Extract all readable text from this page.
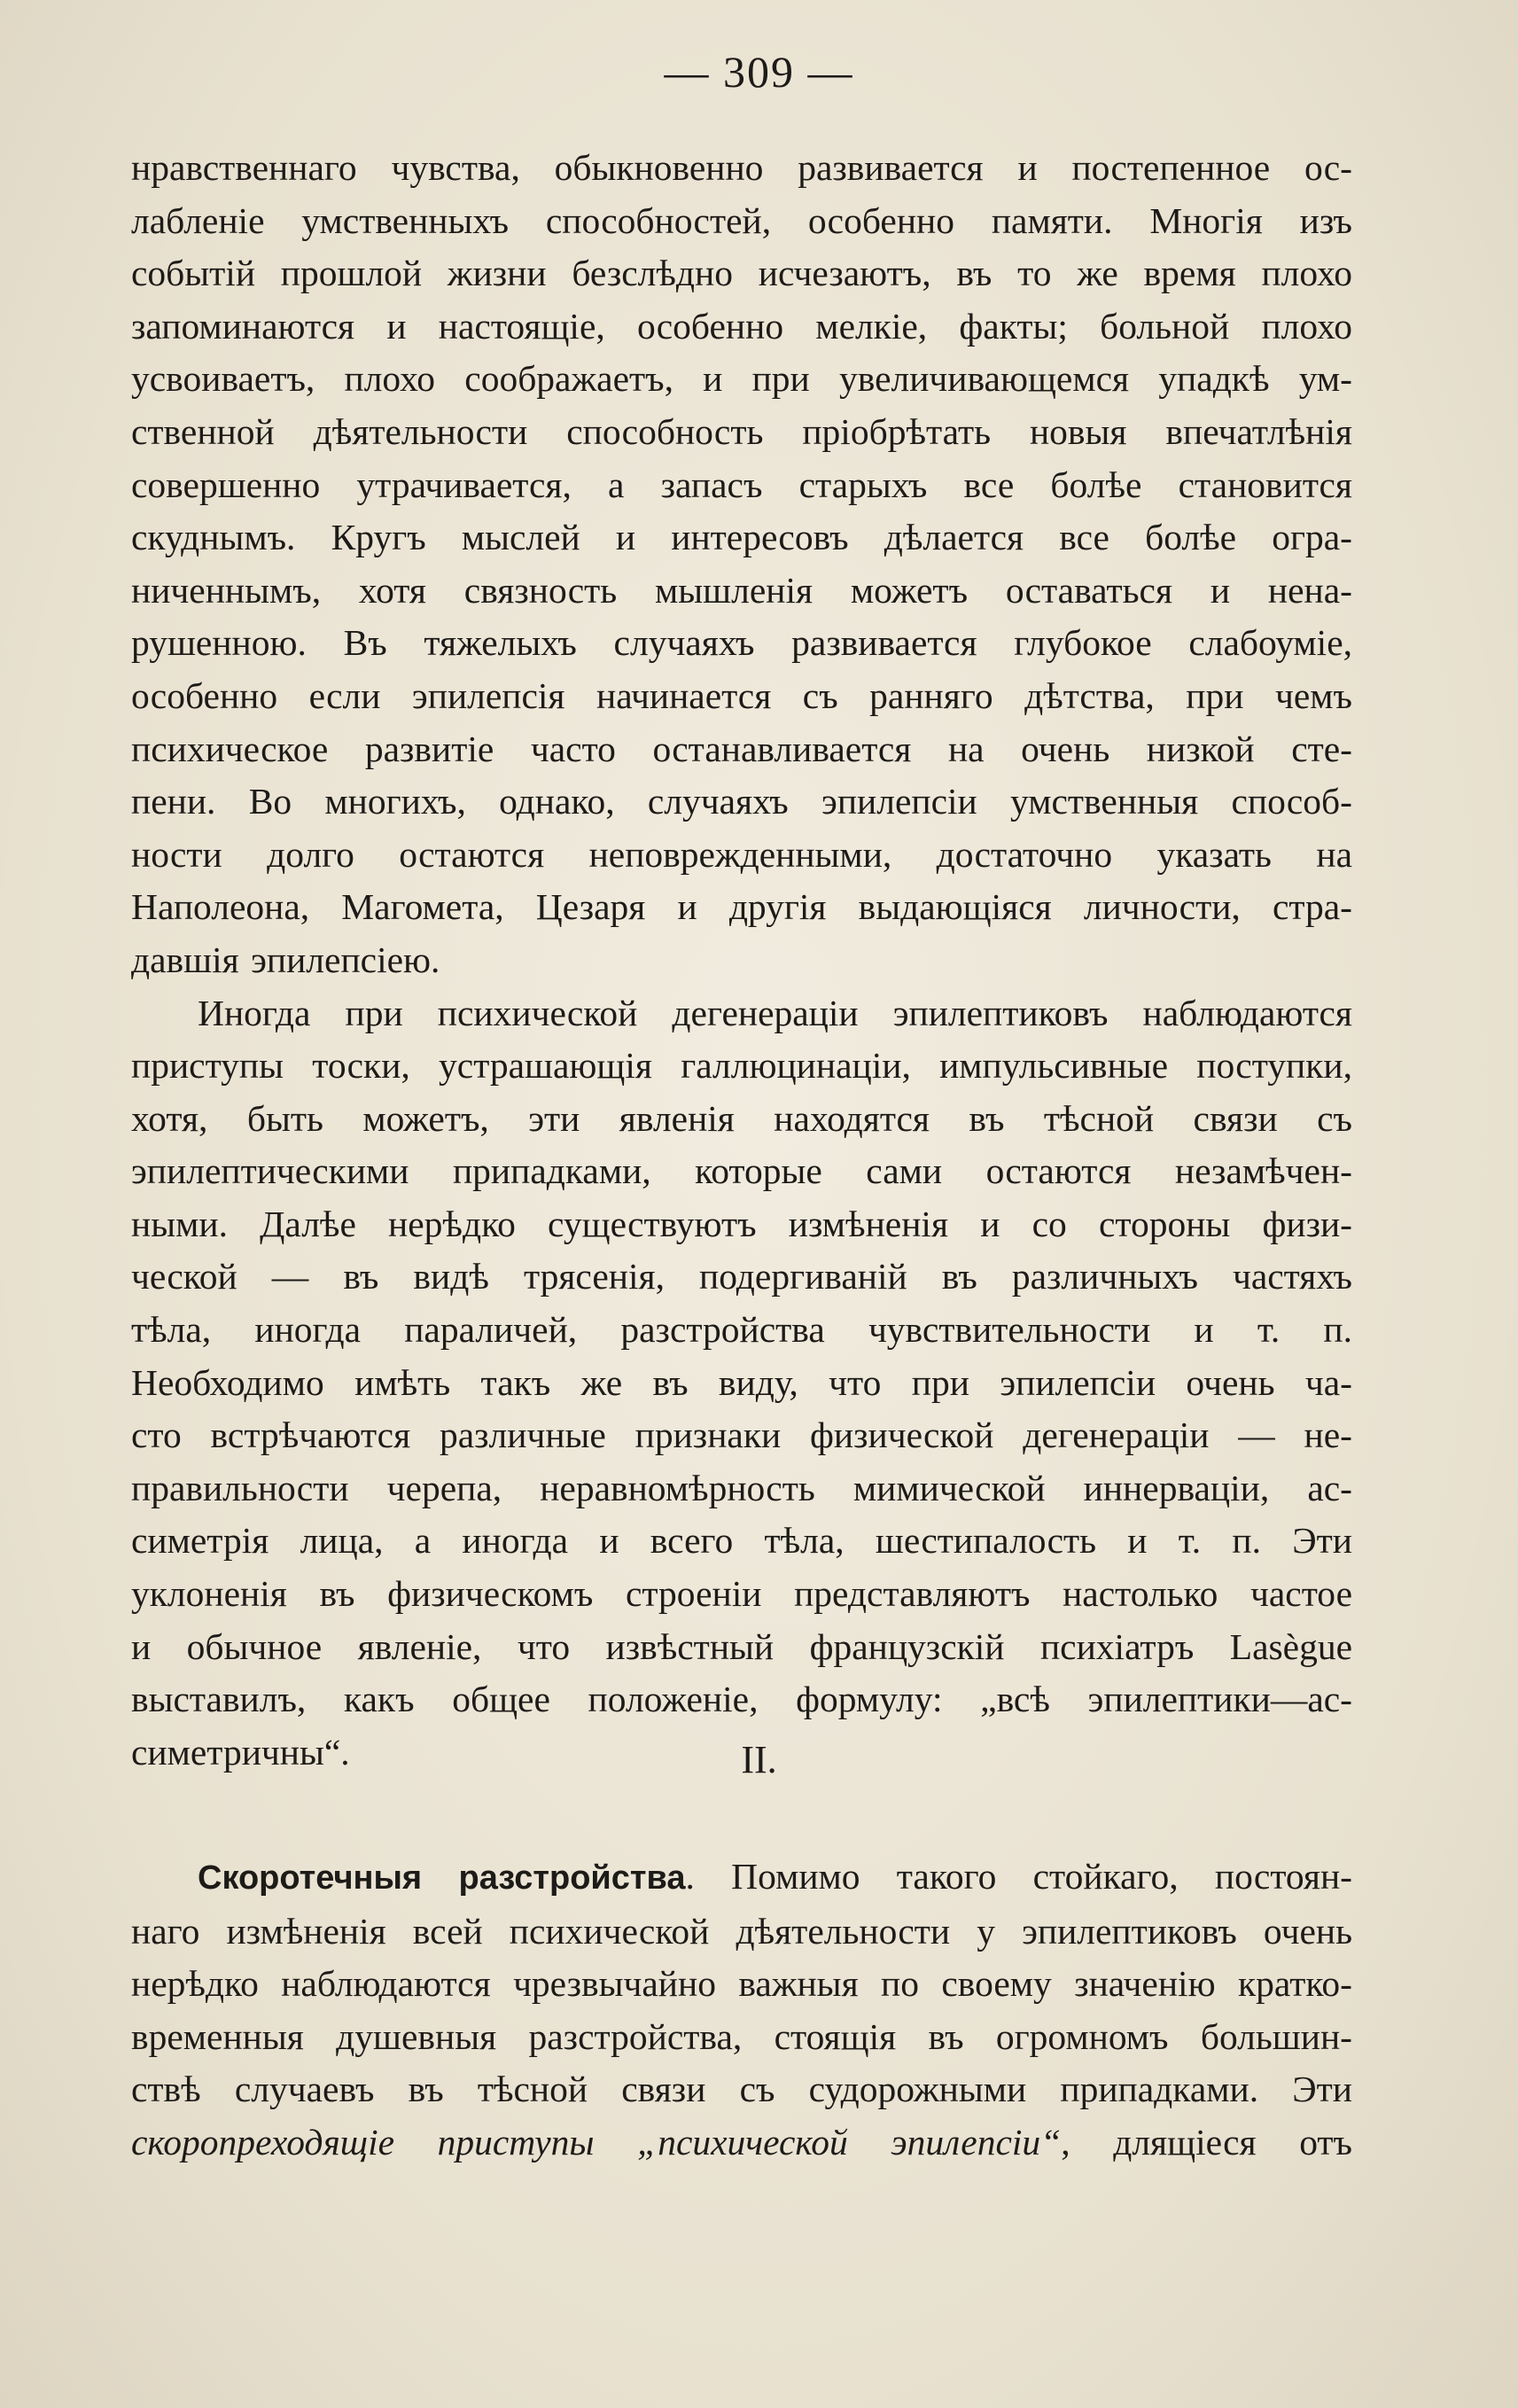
— 309 —
нравственнаго чувства, обыкновенно развивается и постепенное ос-
лабленіе умственныхъ способностей, особенно памяти. Многія изъ
событій прошлой жизни безслѣдно исчезаютъ, въ то же время плохо
запоминаются и настоящіе, особенно мелкіе, факты; больной плохо
усвоиваетъ, плохо соображаетъ, и при увеличивающемся упадкѣ ум-
ственной дѣятельности способность пріобрѣтать новыя впечатлѣнія
совершенно утрачивается, а запасъ старыхъ все болѣе становится
скуднымъ. Кругъ мыслей и интересовъ дѣлается все болѣе огра-
ниченнымъ, хотя связность мышленія можетъ оставаться и нена-
рушенною. Въ тяжелыхъ случаяхъ развивается глубокое слабоуміе,
особенно если эпилепсія начинается съ ранняго дѣтства, при чемъ
психическое развитіе часто останавливается на очень низкой сте-
пени. Во многихъ, однако, случаяхъ эпилепсіи умственныя способ-
ности долго остаются неповрежденными, достаточно указать на
Наполеона, Магомета, Цезаря и другія выдающіяся личности, стра-
давшія эпилепсіею.
Иногда при психической дегенераціи эпилептиковъ наблюдаются
приступы тоски, устрашающія галлюцинаціи, импульсивные поступки,
хотя, быть можетъ, эти явленія находятся въ тѣсной связи съ
эпилептическими припадками, которые сами остаются незамѣчен-
ными. Далѣе нерѣдко существуютъ измѣненія и со стороны физи-
ческой — въ видѣ трясенія, подергиваній въ различныхъ частяхъ
тѣла, иногда параличей, разстройства чувствительности и т. п.
Необходимо имѣть такъ же въ виду, что при эпилепсіи очень ча-
сто встрѣчаются различные признаки физической дегенераціи — не-
правильности черепа, неравномѣрность мимической иннерваціи, ас-
симетрія лица, а иногда и всего тѣла, шестипалость и т. п. Эти
уклоненія въ физическомъ строеніи представляютъ настолько частое
и обычное явленіе, что извѣстный французскій психіатръ Lasègue
выставилъ, какъ общее положеніе, формулу: „всѣ эпилептики—ас-
симетричны“.	II.
Скоротечныя разстройства. Помимо такого стойкаго, постоян-
наго измѣненія всей психической дѣятельности у эпилептиковъ очень
нерѣдко наблюдаются чрезвычайно важныя по своему значенію кратко-
временныя душевныя разстройства, стоящія въ огромномъ большин-
ствѣ случаевъ въ тѣсной связи съ судорожными припадками. Эти
скоропреходящіе приступы „психической эпилепсіи“, длящіеся отъ
